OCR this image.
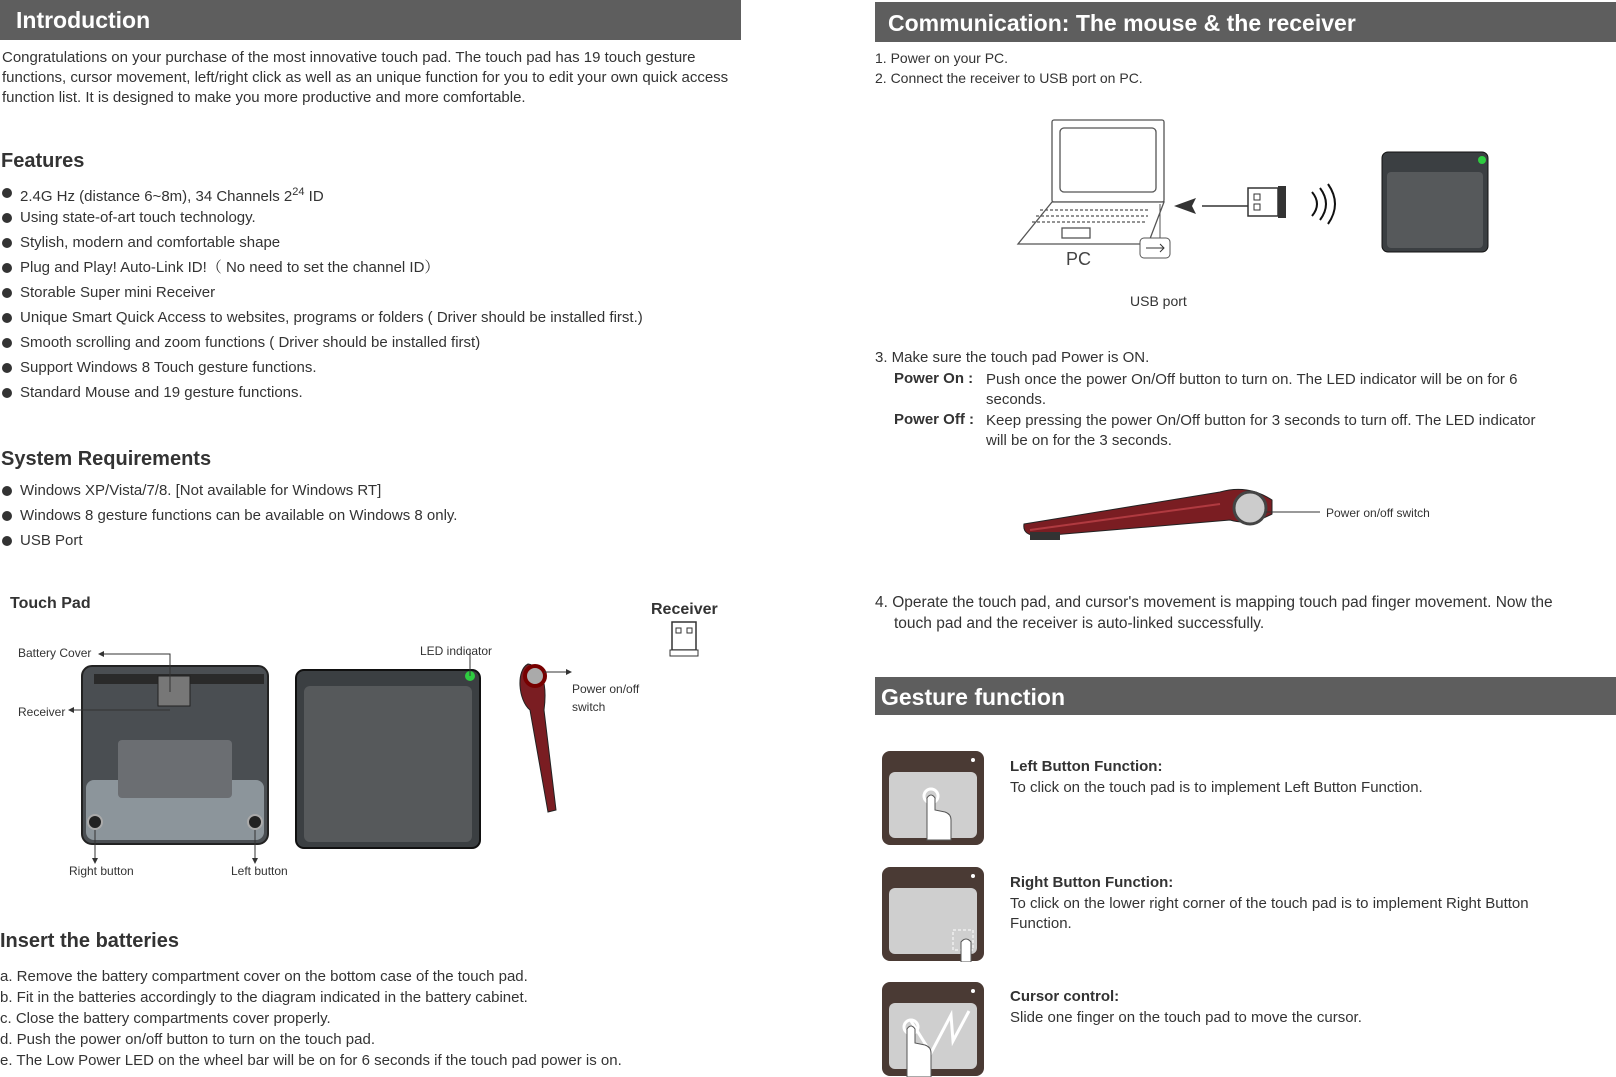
Introduction

Congratulations on your purchase of the most innovative touch pad. The touch pad has 19 touch gesture functions, cursor movement, left/right click as well as an unique function for you to edit your own quick access function list. It is designed to make you more productive and more comfortable.

Features
2.4G Hz (distance 6~8m), 34 Channels $2^{24}$ ID
Using state-of-art touch technology.
Stylish, modern and comfortable shape
Plug and Play! Auto-Link ID!（ No need to set the channel ID）
Storable Super mini Receiver
Unique Smart Quick Access to websites, programs or folders ( Driver should be installed first.)
Smooth scrolling and zoom functions ( Driver should be installed first)
Support Windows 8 Touch gesture functions.
Standard Mouse and 19 gesture functions.
System Requirements
Windows XP/Vista/7/8. [Not available for Windows RT]
Windows 8 gesture functions can be available on Windows 8 only.
USB Port
Touch Pad	Receiver
Battery Cover
Receiver
LED indicator
Power on/off
switch
Right button	Left button
Insert the batteries
a. Remove the battery compartment cover on the bottom case of the touch pad.
b. Fit in the batteries accordingly to the diagram indicated in the battery cabinet.
c. Close the battery compartments cover properly.
d. Push the power on/off button to turn on the touch pad.
e. The Low Power LED on the wheel bar will be on for 6 seconds if the touch pad power is on.
Communication: The mouse & the receiver
1. Power on your PC.
2. Connect the receiver to USB port on PC.
PC
USB port
3. Make sure the touch pad Power is ON.
Power On : Push once the power On/Off button to turn on. The LED indicator will be on for 6
seconds.
Power Off : Keep pressing the power On/Off button for 3 seconds to turn off. The LED indicator
will be on for the 3 seconds.
Power on/off switch
4. Operate the touch pad, and cursor's movement is mapping touch pad finger movement. Now the
touch pad and the receiver is auto-linked successfully.
Gesture function
Left Button Function:
To click on the touch pad is to implement Left Button Function.
Right Button Function:
To click on the lower right corner of the touch pad is to implement Right Button
Function.
Cursor control:
Slide one finger on the touch pad to move the cursor.
